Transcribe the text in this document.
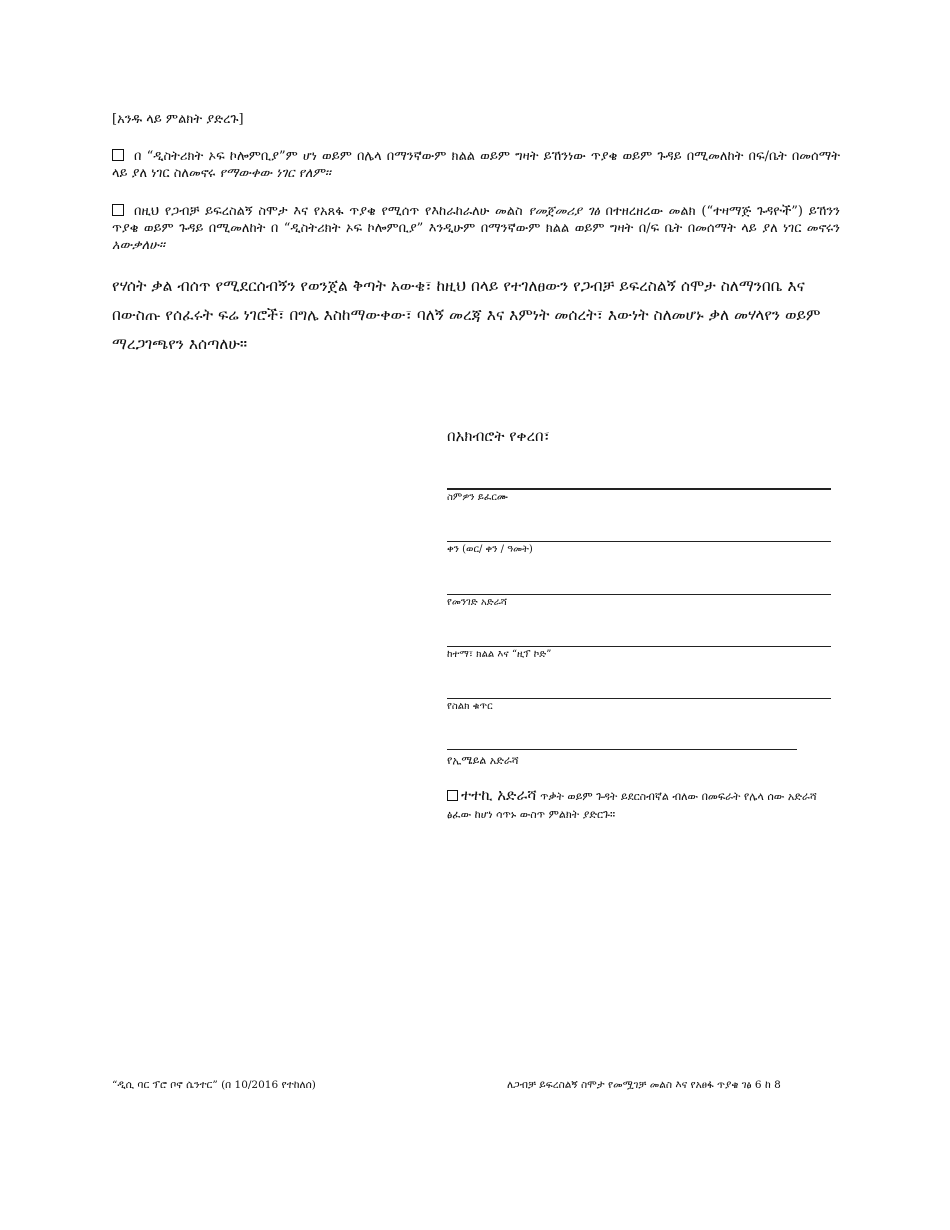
[አንዱ ላይ ምልክት ያድረጉ]
በ “ዲስትሪክት ኦፍ ኮሎምቢያ”ም ሆነ ወይም በሌላ በማንኛውም ክልል ወይም ግዛት ይኸንነው ጥያቄ ወይም ጉዳይ በሚመለከት በፍ/ቤት በመሰማት ላይ ያለ ነገር ስለመኖሩ የማውቀው ነገር የለም።
በዚህ የጋብቻ ይፍረስልኝ ስሞታ እና የአጸፋ ጥያቄ የሚሰጥ የእከራከራለሁ መልስ የመጀመሪያ ገፅ በተዘረዘረው መልክ (“ተዛማጅ ጉዳዮች”) ይኸንን ጥያቄ ወይም ጉዳይ በሚመለከት በ “ዲስትሪክት ኦፍ ኮሎምቢያ” እንዲሁም በማንኛውም ክልል ወይም ግዛት በ/ፍ ቤት በመሰማት ላይ ያለ ነገር መኖሩን አውቃለሁ።
የሃሰት ቃል ብሰጥ የሚደርሰብኝን የወንጀል ቅጣት አውቄ፣ ከዚህ በላይ የተገለፀውን የጋብቻ ይፍረስልኝ ሰሞታ ስለማንበቤ እና በውስጡ የሰፈሩት ፍሬ ነገሮች፣ በግሌ እስከማውቀው፣ ባለኝ መረጃ እና እምነት መሰረት፣ እውነት ስለመሆኑ ቃለ መሃላየን ወይም ማረጋገጫየን እሰጣለሁ።
በአክብሮት የቀረበ፣
ስምዎን ይፈርሙ
ቀን (ወር/ ቀን / ዓመት)
የመንገድ አድራሻ
ከተማ፣ ክልል እና “ዚፕ ኮድ”
የስልክ ቁጥር
የኢሜይል አድራሻ
ተተኪ አድራሻ ጥቃት ወይም ጉዳት ይደርስብኛል ብለው በመፍራት የሌላ ሰው አድራሻ ፅፈው ከሆነ ሳጥኑ ውስጥ ምልክት ያድርጉ።
“ዲሲ ባር ፕሮ ቦኖ ሴንተር” (በ 10/2016 የተከለሰ)	ለጋብቻ ይፍረስልኝ ስሞታ የመሟገቻ መልስ እና የአፀፋ ጥያቄ ገፅ 6 ከ 8
